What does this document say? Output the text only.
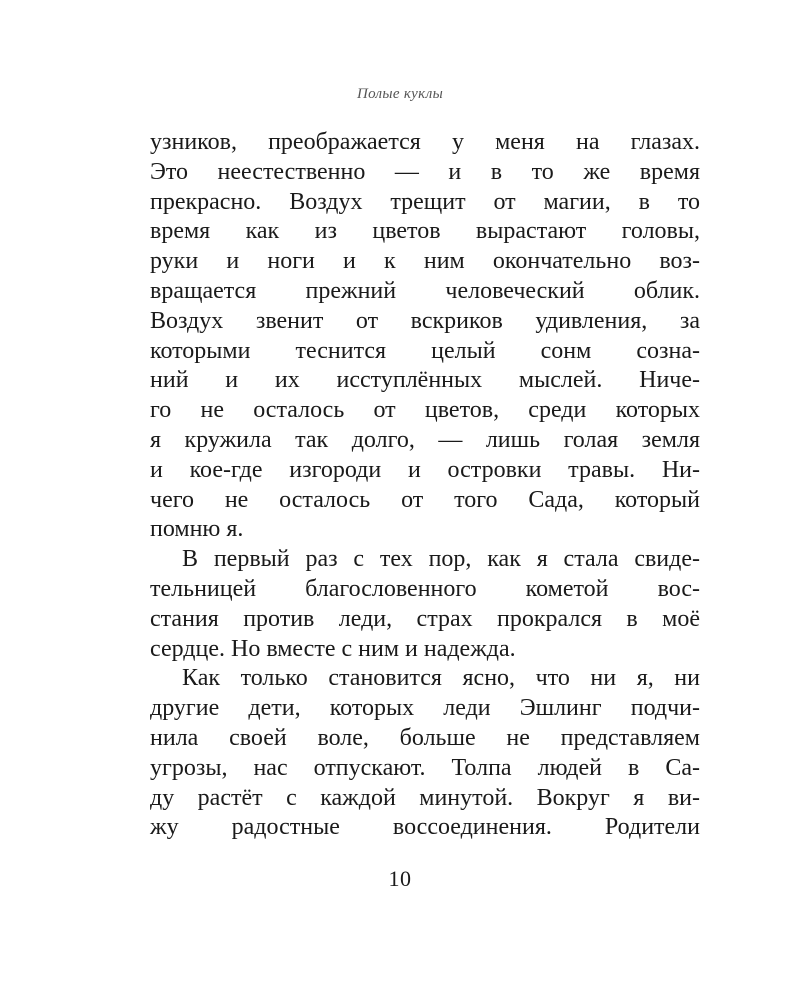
Полые куклы
узников, преображается у меня на глазах.
Это неестественно — и в то же время
прекрасно. Воздух трещит от магии, в то
время как из цветов вырастают головы,
руки и ноги и к ним окончательно воз-
вращается прежний человеческий облик.
Воздух звенит от вскриков удивления, за
которыми теснится целый сонм созна-
ний и их исступлённых мыслей. Ниче-
го не осталось от цветов, среди которых
я кружила так долго, — лишь голая земля
и кое-где изгороди и островки травы. Ни-
чего не осталось от того Сада, который
помню я.
В первый раз с тех пор, как я стала свиде-
тельницей благословенного кометой вос-
стания против леди, страх прокрался в моё
сердце. Но вместе с ним и надежда.
Как только становится ясно, что ни я, ни
другие дети, которых леди Эшлинг подчи-
нила своей воле, больше не представляем
угрозы, нас отпускают. Толпа людей в Са-
ду растёт с каждой минутой. Вокруг я ви-
жу радостные воссоединения. Родители
10
